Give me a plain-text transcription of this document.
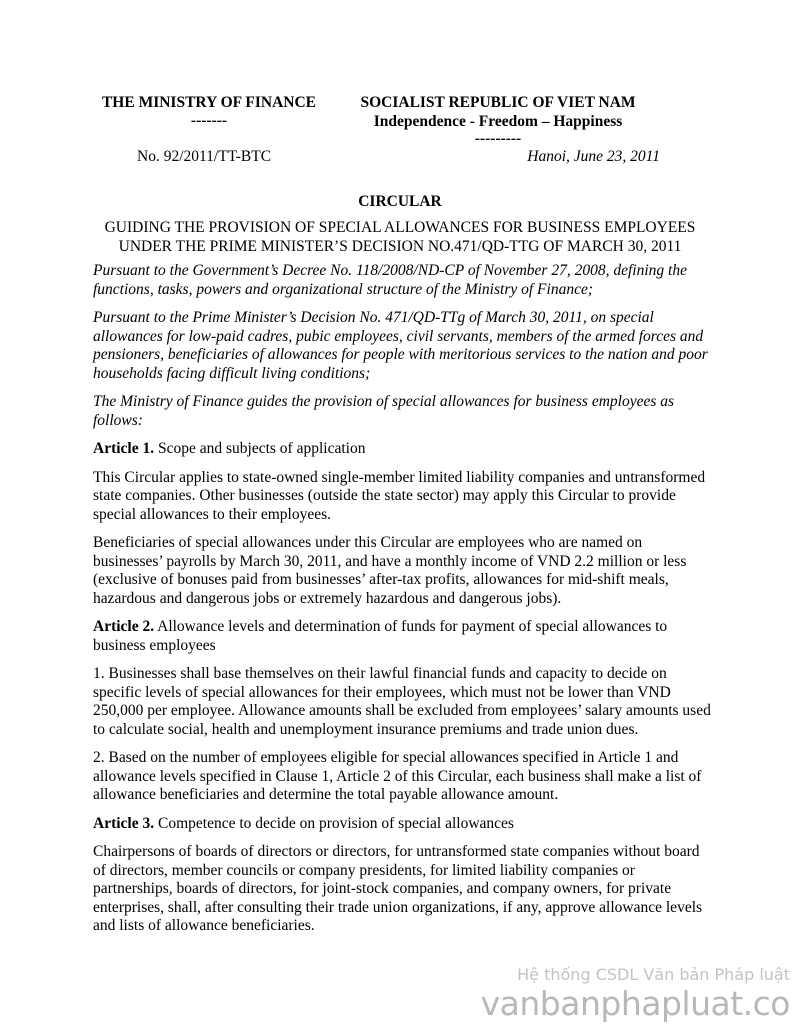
THE MINISTRY OF FINANCE
-------
SOCIALIST REPUBLIC OF VIET NAM
Independence - Freedom – Happiness
---------
No. 92/2011/TT-BTC	Hanoi, June 23, 2011
CIRCULAR
GUIDING THE PROVISION OF SPECIAL ALLOWANCES FOR BUSINESS EMPLOYEES UNDER THE PRIME MINISTER’S DECISION NO.471/QD-TTG OF MARCH 30, 2011

Pursuant to the Government’s Decree No. 118/2008/ND-CP of November 27, 2008, defining the functions, tasks, powers and organizational structure of the Ministry of Finance;

Pursuant to the Prime Minister’s Decision No. 471/QD-TTg of March 30, 2011, on special allowances for low-paid cadres, pubic employees, civil servants, members of the armed forces and pensioners, beneficiaries of allowances for people with meritorious services to the nation and poor households facing difficult living conditions;

The Ministry of Finance guides the provision of special allowances for business employees as follows:

Article 1. Scope and subjects of application

This Circular applies to state-owned single-member limited liability companies and untransformed state companies. Other businesses (outside the state sector) may apply this Circular to provide special allowances to their employees.

Beneficiaries of special allowances under this Circular are employees who are named on businesses’ payrolls by March 30, 2011, and have a monthly income of VND 2.2 million or less (exclusive of bonuses paid from businesses’ after-tax profits, allowances for mid-shift meals, hazardous and dangerous jobs or extremely hazardous and dangerous jobs).

Article 2. Allowance levels and determination of funds for payment of special allowances to business employees

1. Businesses shall base themselves on their lawful financial funds and capacity to decide on specific levels of special allowances for their employees, which must not be lower than VND 250,000 per employee. Allowance amounts shall be excluded from employees’ salary amounts used to calculate social, health and unemployment insurance premiums and trade union dues.

2. Based on the number of employees eligible for special allowances specified in Article 1 and allowance levels specified in Clause 1, Article 2 of this Circular, each business shall make a list of allowance beneficiaries and determine the total payable allowance amount.

Article 3. Competence to decide on provision of special allowances

Chairpersons of boards of directors or directors, for untransformed state companies without board of directors, member councils or company presidents, for limited liability companies or partnerships, boards of directors, for joint-stock companies, and company owners, for private enterprises, shall, after consulting their trade union organizations, if any, approve allowance levels and lists of allowance beneficiaries.

Hệ thống CSDL Văn bản Pháp luật
vanbanphapluat.co
